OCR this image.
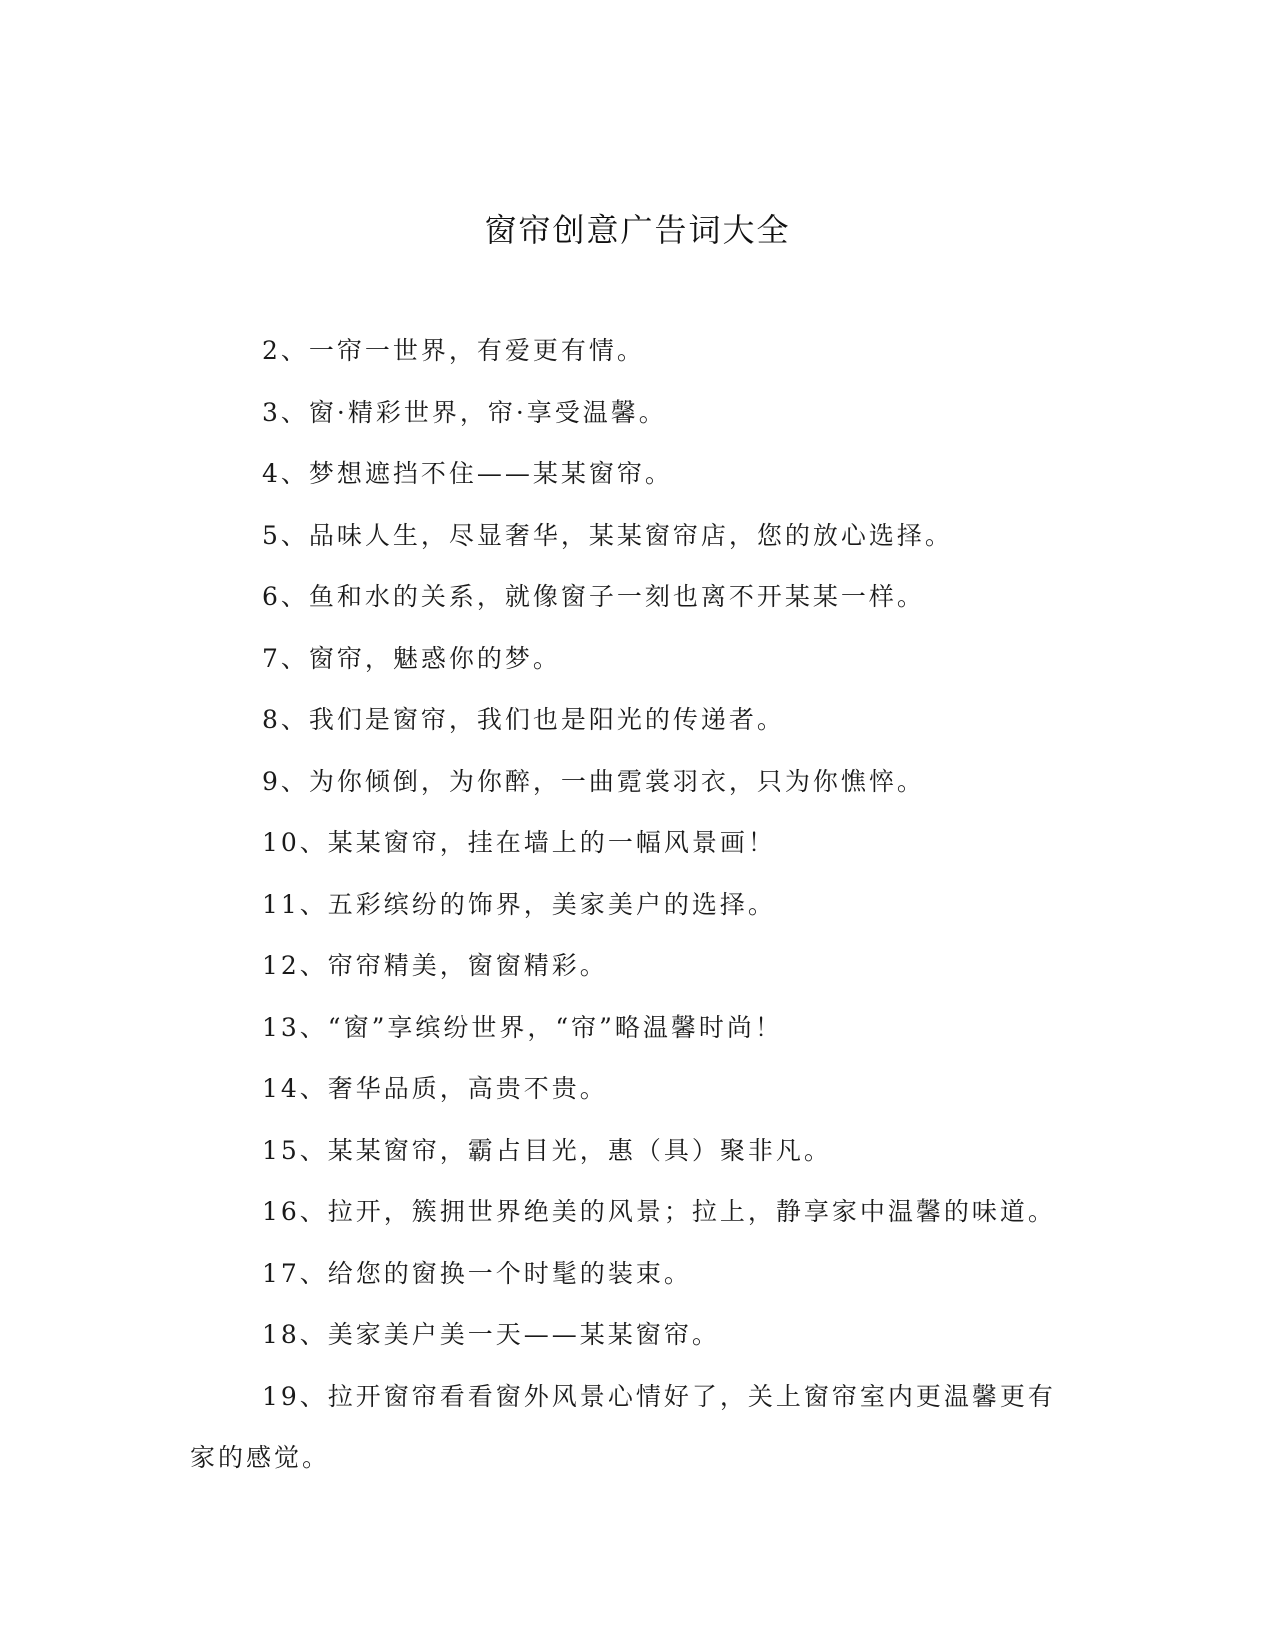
窗帘创意广告词大全
2、一帘一世界，有爱更有情。
3、窗·精彩世界，帘·享受温馨。
4、梦想遮挡不住——某某窗帘。
5、品味人生，尽显奢华，某某窗帘店，您的放心选择。
6、鱼和水的关系，就像窗子一刻也离不开某某一样。
7、窗帘，魅惑你的梦。
8、我们是窗帘，我们也是阳光的传递者。
9、为你倾倒，为你醉，一曲霓裳羽衣，只为你憔悴。
10、某某窗帘，挂在墙上的一幅风景画！
11、五彩缤纷的饰界，美家美户的选择。
12、帘帘精美，窗窗精彩。
13、“窗”享缤纷世界，“帘”略温馨时尚！
14、奢华品质，高贵不贵。
15、某某窗帘，霸占目光，惠（具）聚非凡。
16、拉开，簇拥世界绝美的风景；拉上，静享家中温馨的味道。
17、给您的窗换一个时髦的装束。
18、美家美户美一天——某某窗帘。
19、拉开窗帘看看窗外风景心情好了，关上窗帘室内更温馨更有家的感觉。
